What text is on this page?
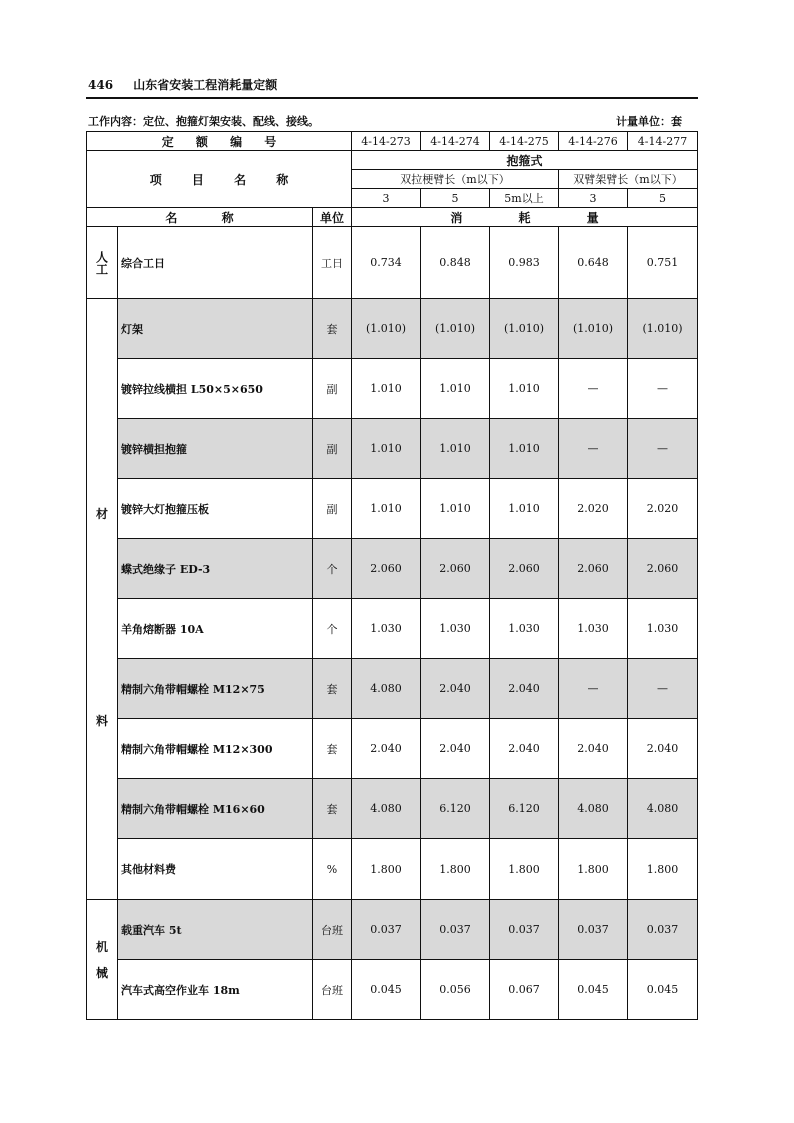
446 山东省安装工程消耗量定额
工作内容：定位、抱箍灯架安装、配线、接线。	计量单位：套
定 额 编 号			4-14-273	4-14-274	4-14-275	4-14-276	4-14-277
项 目 名 称			抱箍式				
			双拉梗臂长（m以下）			双臂架臂长（m以下）	
			3	5	5m以上	3	5
名 称		单位	消 耗 量				
人工	综合工日	工日	0.734	0.848	0.983	0.648	0.751

材
料	灯架	套	(1.010)	(1.010)	(1.010)	(1.010)	(1.010)
	镀锌拉线横担 L50×5×650	副	1.010	1.010	1.010	—	—
	镀锌横担抱箍	副	1.010	1.010	1.010	—	—
	镀锌大灯抱箍压板	副	1.010	1.010	1.010	2.020	2.020
	蝶式绝缘子 ED-3	个	2.060	2.060	2.060	2.060	2.060
	羊角熔断器 10A	个	1.030	1.030	1.030	1.030	1.030
	精制六角带帽螺栓 M12×75	套	4.080	2.040	2.040	—	—
	精制六角带帽螺栓 M12×300	套	2.040	2.040	2.040	2.040	2.040
	精制六角带帽螺栓 M16×60	套	4.080	6.120	6.120	4.080	4.080
	其他材料费	%	1.800	1.800	1.800	1.800	1.800

机
械	载重汽车 5t	台班	0.037	0.037	0.037	0.037	0.037
	汽车式高空作业车 18m	台班	0.045	0.056	0.067	0.045	0.045
